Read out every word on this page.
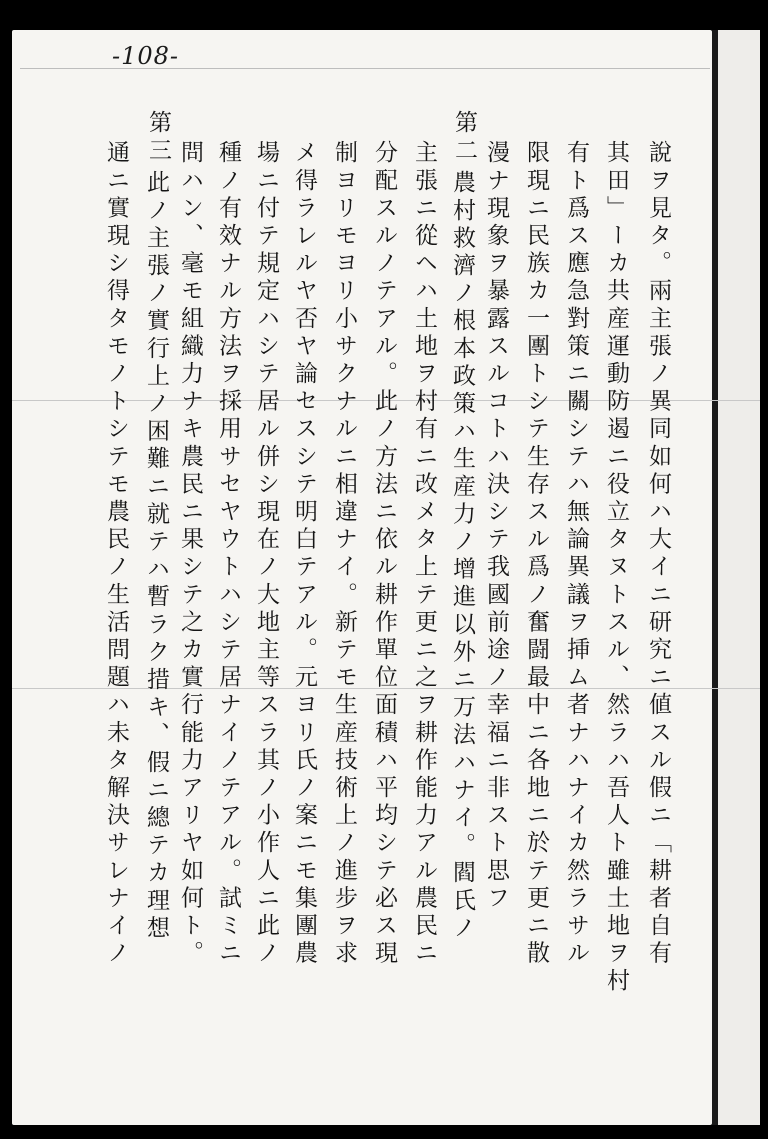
-108-
說ヲ見タ。兩主張ノ異同如何ハ大イニ研究ニ値スル假ニ「耕者自有
其田」ーカ共産運動防遏ニ役立タヌトスル、然ラハ吾人ト雖土地ヲ村
有ト爲ス應急對策ニ關シテハ無論異議ヲ挿ム者ナハナイカ然ラサル
限現ニ民族カ一團トシテ生存スル爲ノ奮闘最中ニ各地ニ於テ更ニ散
漫ナ現象ヲ暴露スルコトハ決シテ我國前途ノ幸福ニ非スト思フ
第二
農村救濟ノ根本政策ハ生産力ノ增進以外ニ万法ハナイ。閻氏ノ
主張ニ從ヘハ土地ヲ村有ニ改メタ上テ更ニ之ヲ耕作能力アル農民ニ
分配スルノテアル。此ノ方法ニ依ル耕作單位面積ハ平均シテ必ス現
制ヨリモヨリ小サクナルニ相違ナイ。新テモ生産技術上ノ進步ヲ求
メ得ラレルヤ否ヤ論セスシテ明白テアル。元ヨリ氏ノ案ニモ集團農
場ニ付テ規定ハシテ居ル併シ現在ノ大地主等スラ其ノ小作人ニ此ノ
種ノ有效ナル方法ヲ採用サセヤウトハシテ居ナイノテアル。試ミニ
問ハン、毫モ組織力ナキ農民ニ果シテ之カ實行能力アリヤ如何ト。
第三
此ノ主張ノ實行上ノ困難ニ就テハ暫ラク措キ、假ニ總テカ理想
通ニ實現シ得タモノトシテモ農民ノ生活問題ハ未タ解決サレナイノ
